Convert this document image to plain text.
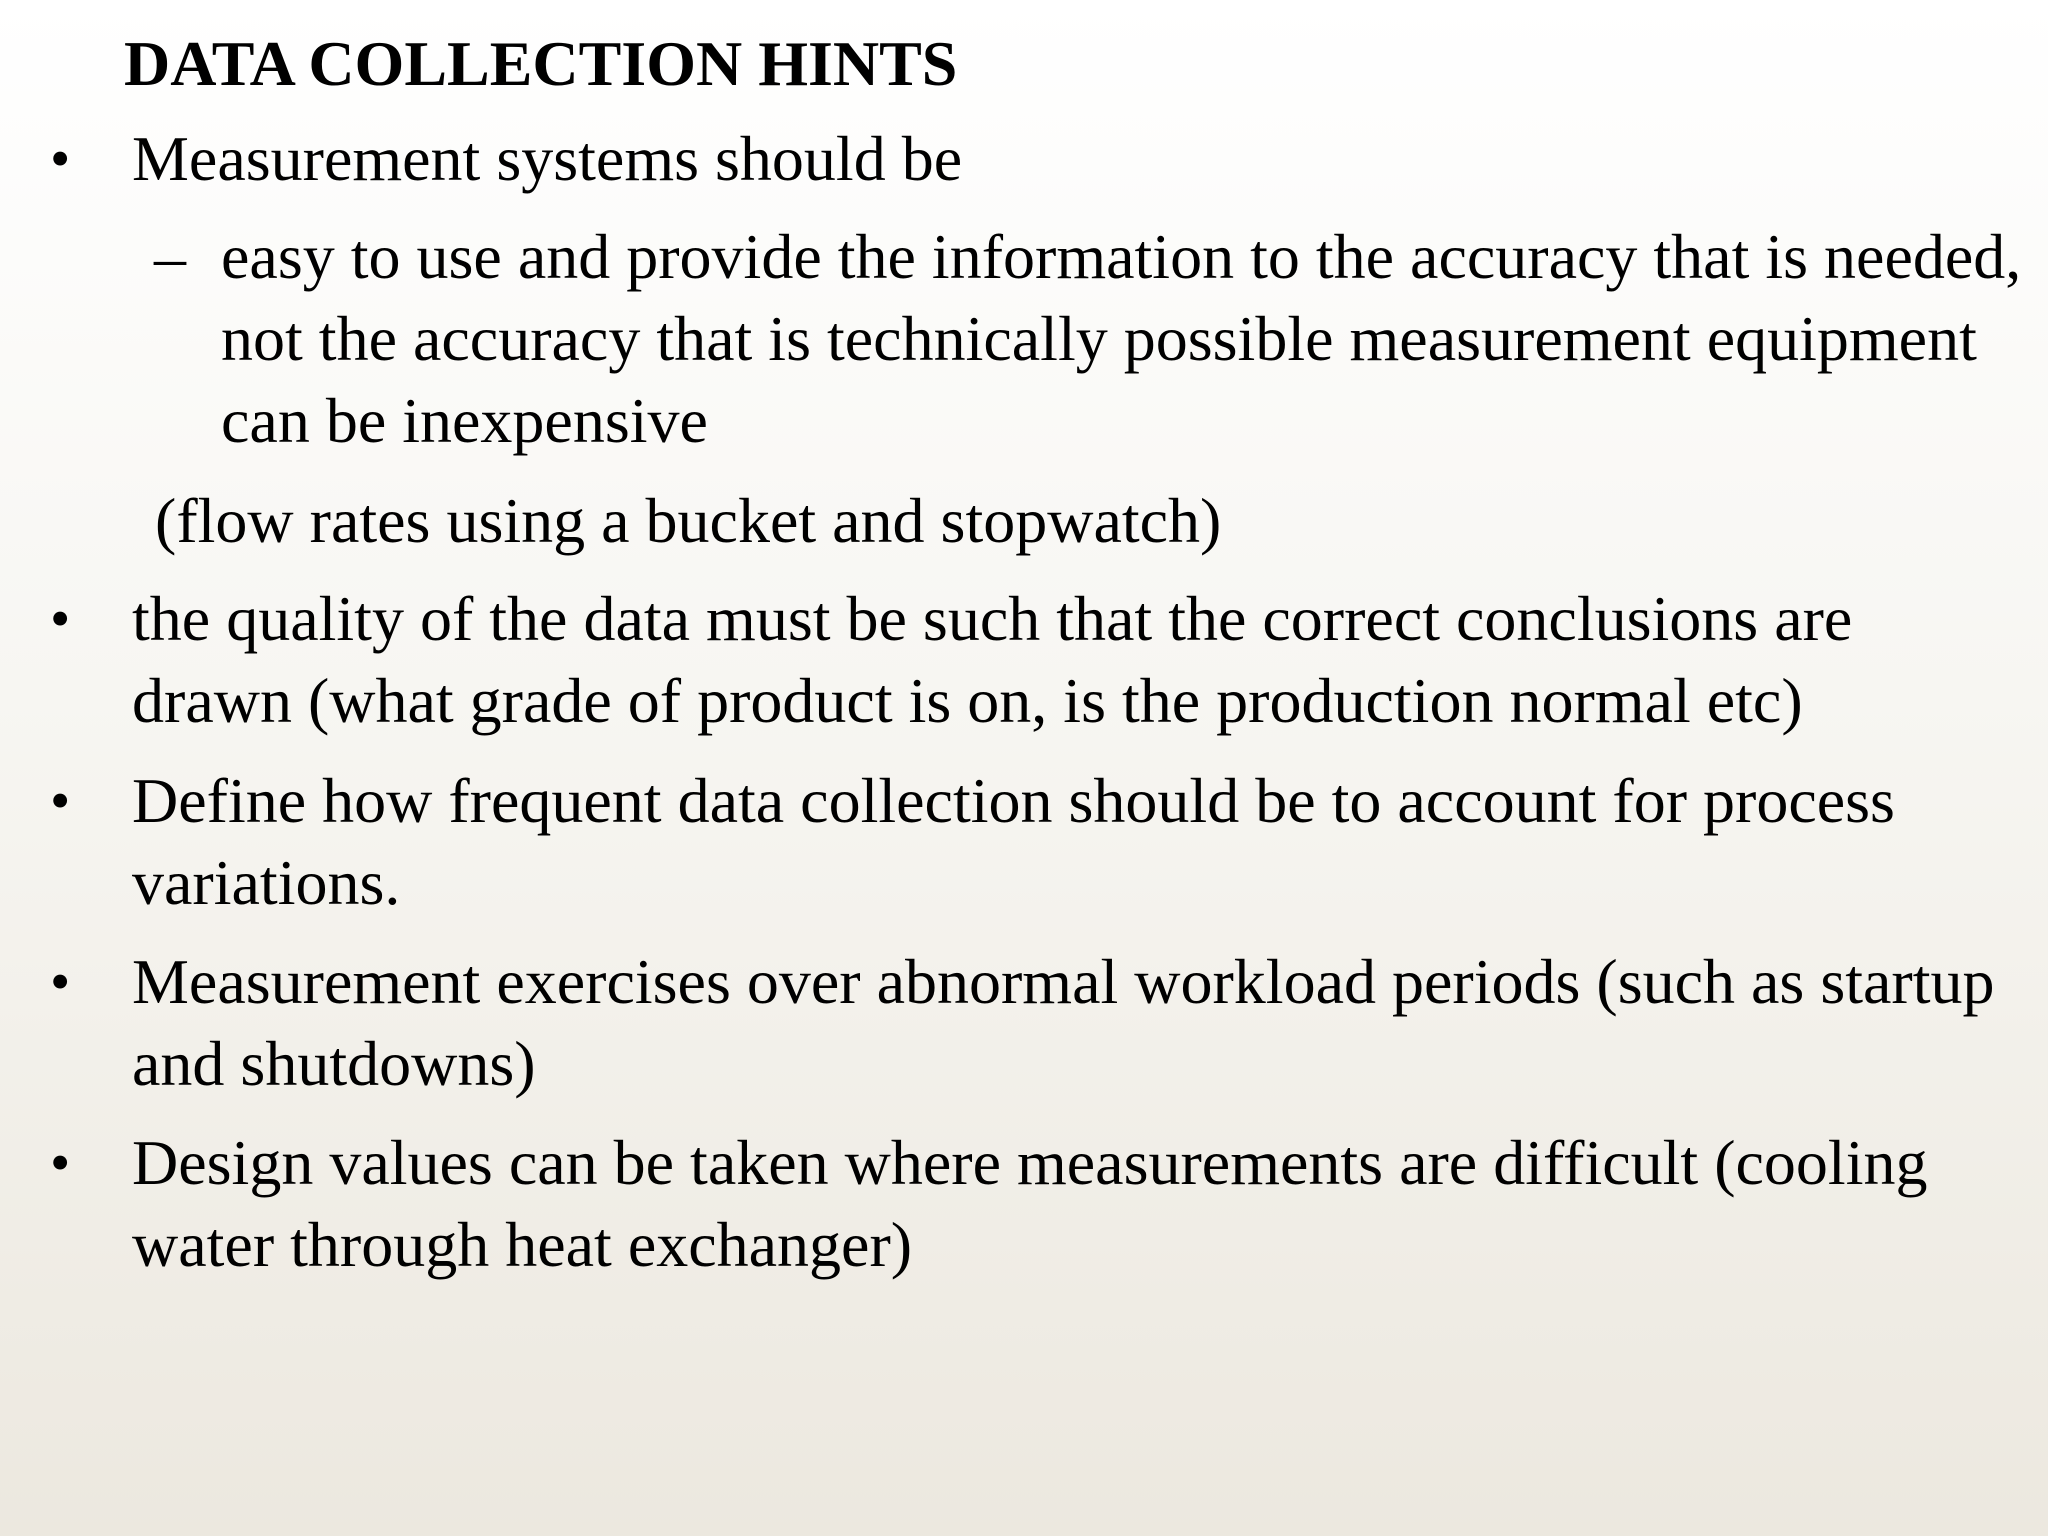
DATA COLLECTION HINTS
• Measurement systems should be
– easy to use and provide the information to the accuracy that is needed, not the accuracy that is technically possible measurement equipment can be inexpensive
(flow rates using a bucket and stopwatch)
• the quality of the data must be such that the correct conclusions are drawn (what grade of product is on, is the production normal etc)
• Define how frequent data collection should be to account for process variations.
• Measurement exercises over abnormal workload periods (such as startup and shutdowns)
• Design values can be taken where measurements are difficult (cooling water through heat exchanger)
